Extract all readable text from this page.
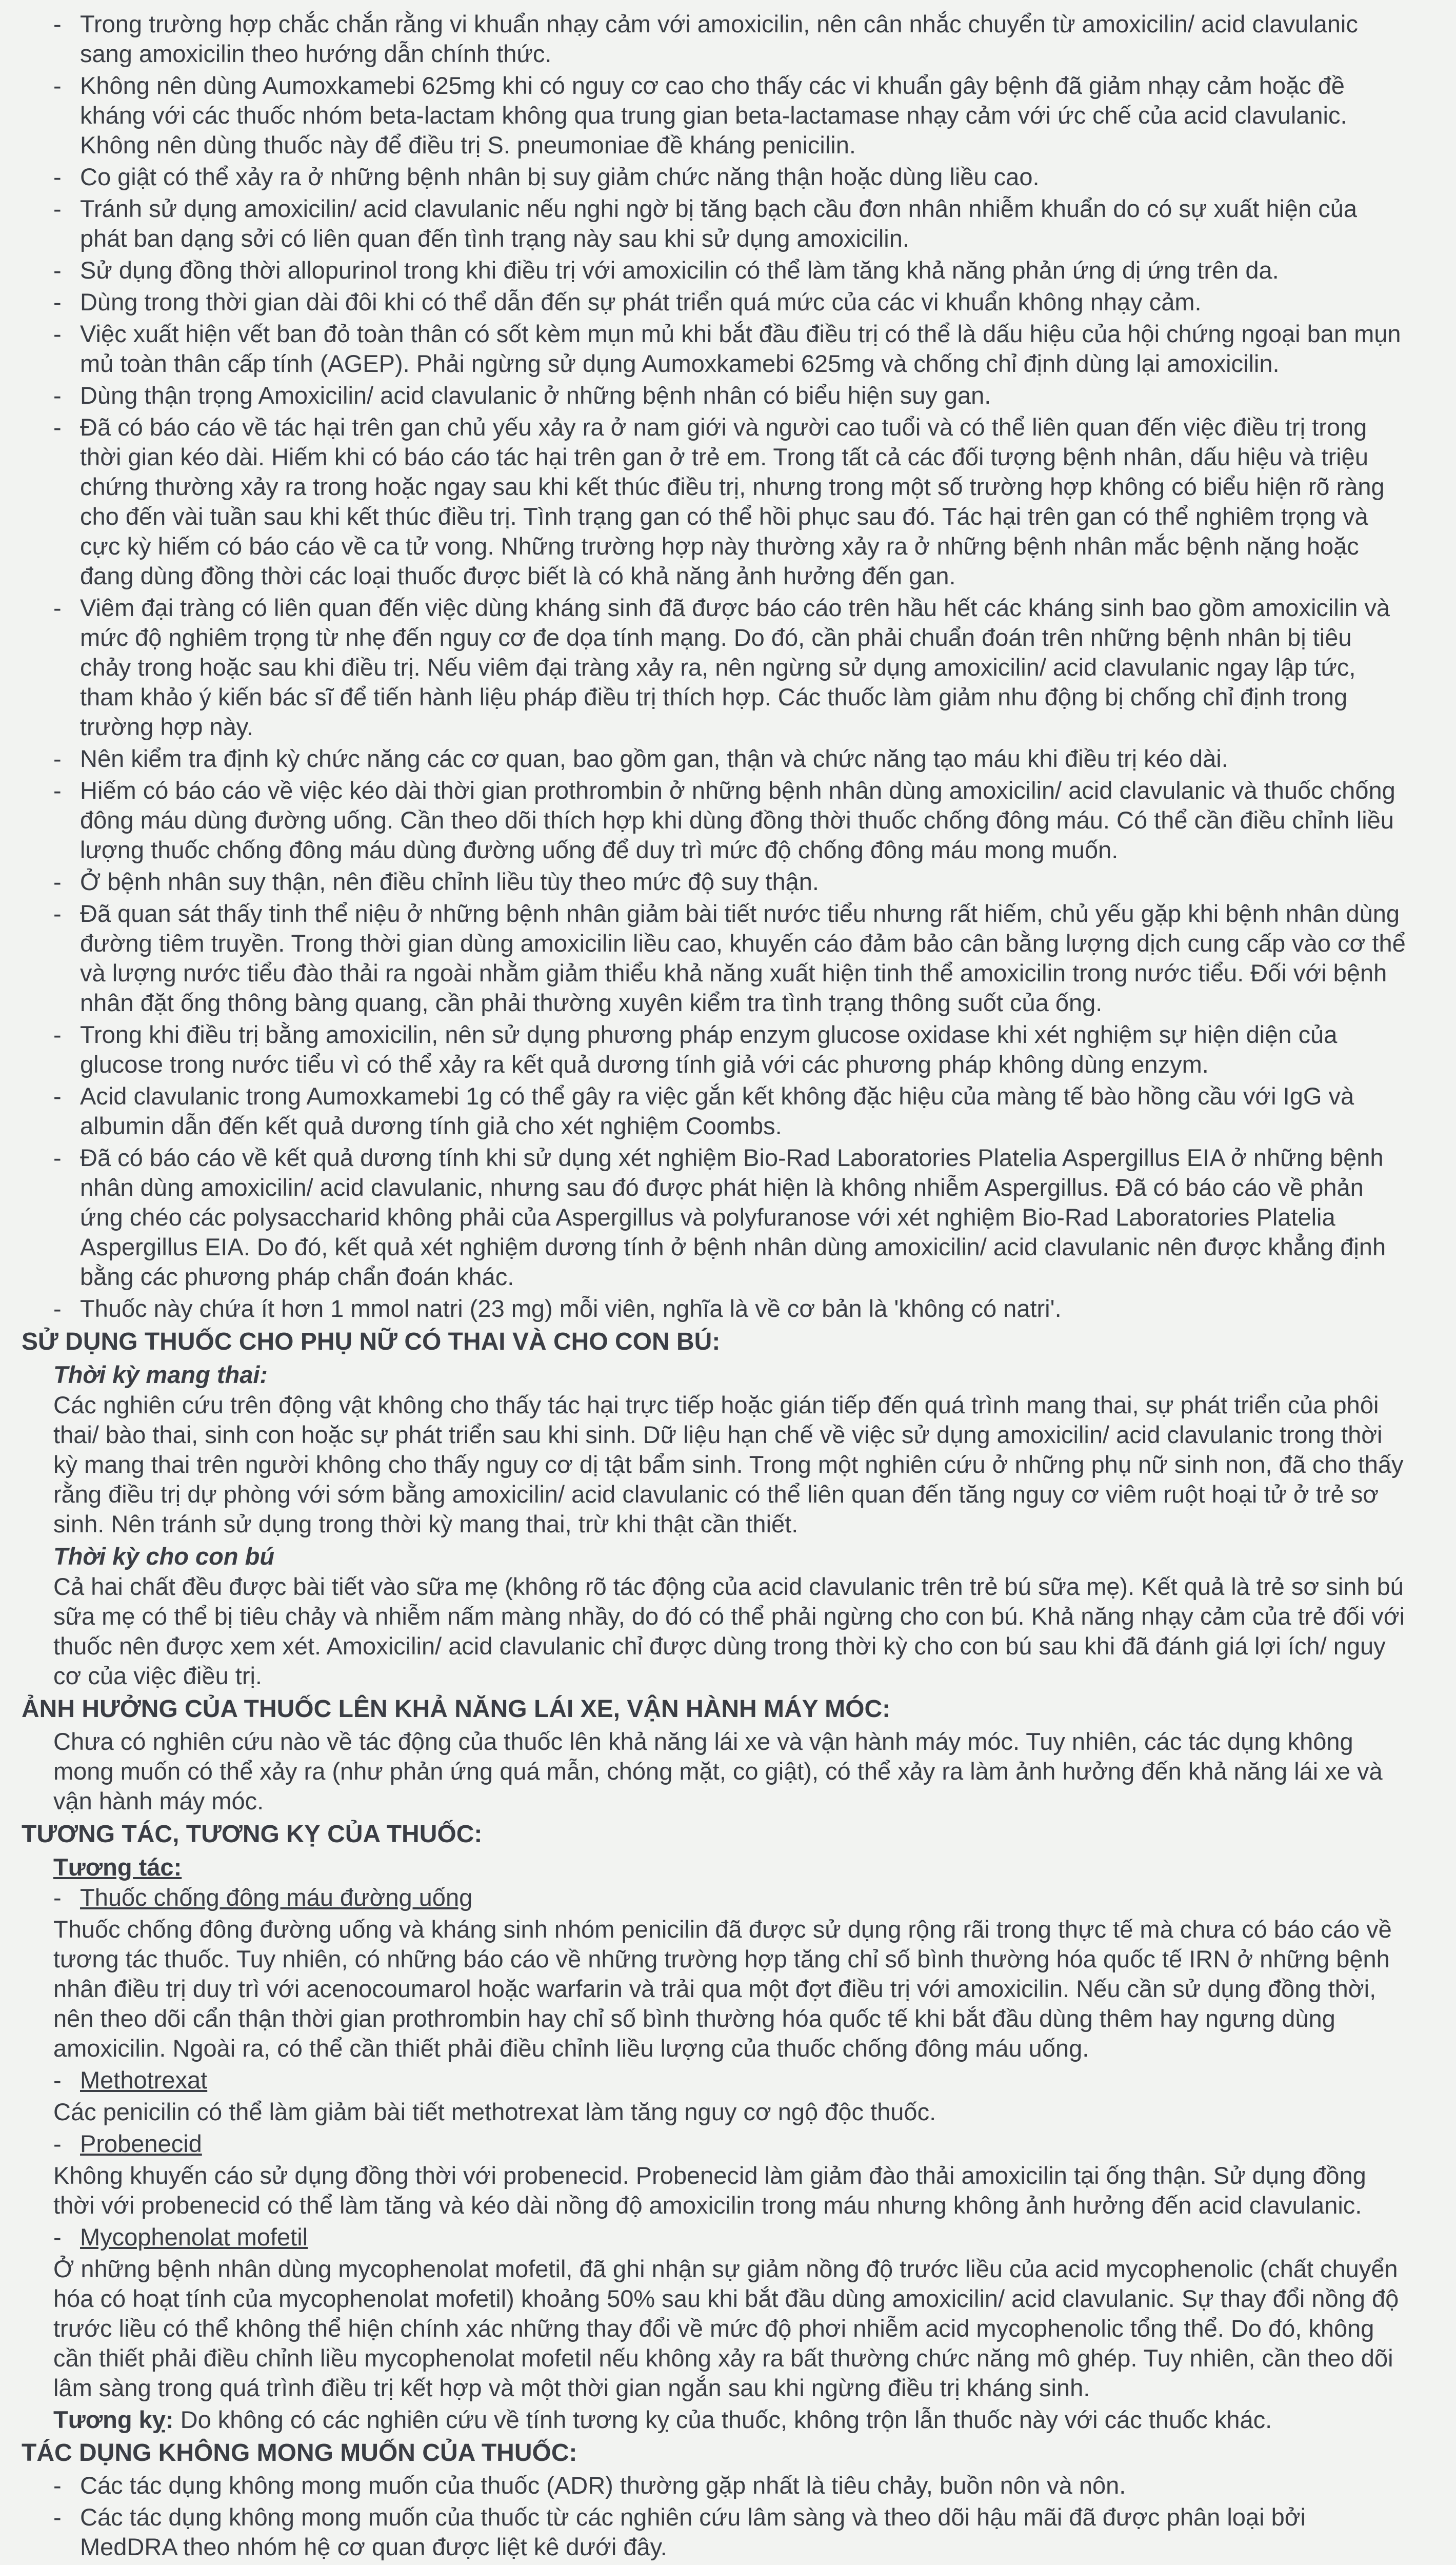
- Trong trường hợp chắc chắn rằng vi khuẩn nhạy cảm với amoxicilin, nên cân nhắc chuyển từ amoxicilin/ acid clavulanic sang amoxicilin theo hướng dẫn chính thức.
- Không nên dùng Aumoxkamebi 625mg khi có nguy cơ cao cho thấy các vi khuẩn gây bệnh đã giảm nhạy cảm hoặc đề kháng với các thuốc nhóm beta-lactam không qua trung gian beta-lactamase nhạy cảm với ức chế của acid clavulanic. Không nên dùng thuốc này để điều trị S. pneumoniae đề kháng penicilin.
- Co giật có thể xảy ra ở những bệnh nhân bị suy giảm chức năng thận hoặc dùng liều cao.
- Tránh sử dụng amoxicilin/ acid clavulanic nếu nghi ngờ bị tăng bạch cầu đơn nhân nhiễm khuẩn do có sự xuất hiện của phát ban dạng sởi có liên quan đến tình trạng này sau khi sử dụng amoxicilin.
- Sử dụng đồng thời allopurinol trong khi điều trị với amoxicilin có thể làm tăng khả năng phản ứng dị ứng trên da.
- Dùng trong thời gian dài đôi khi có thể dẫn đến sự phát triển quá mức của các vi khuẩn không nhạy cảm.
- Việc xuất hiện vết ban đỏ toàn thân có sốt kèm mụn mủ khi bắt đầu điều trị có thể là dấu hiệu của hội chứng ngoại ban mụn mủ toàn thân cấp tính (AGEP). Phải ngừng sử dụng Aumoxkamebi 625mg và chống chỉ định dùng lại amoxicilin.
- Dùng thận trọng Amoxicilin/ acid clavulanic ở những bệnh nhân có biểu hiện suy gan.
- Đã có báo cáo về tác hại trên gan chủ yếu xảy ra ở nam giới và người cao tuổi và có thể liên quan đến việc điều trị trong thời gian kéo dài. Hiếm khi có báo cáo tác hại trên gan ở trẻ em. Trong tất cả các đối tượng bệnh nhân, dấu hiệu và triệu chứng thường xảy ra trong hoặc ngay sau khi kết thúc điều trị, nhưng trong một số trường hợp không có biểu hiện rõ ràng cho đến vài tuần sau khi kết thúc điều trị. Tình trạng gan có thể hồi phục sau đó. Tác hại trên gan có thể nghiêm trọng và cực kỳ hiếm có báo cáo về ca tử vong. Những trường hợp này thường xảy ra ở những bệnh nhân mắc bệnh nặng hoặc đang dùng đồng thời các loại thuốc được biết là có khả năng ảnh hưởng đến gan.
- Viêm đại tràng có liên quan đến việc dùng kháng sinh đã được báo cáo trên hầu hết các kháng sinh bao gồm amoxicilin và mức độ nghiêm trọng từ nhẹ đến nguy cơ đe dọa tính mạng. Do đó, cần phải chuẩn đoán trên những bệnh nhân bị tiêu chảy trong hoặc sau khi điều trị. Nếu viêm đại tràng xảy ra, nên ngừng sử dụng amoxicilin/ acid clavulanic ngay lập tức, tham khảo ý kiến bác sĩ để tiến hành liệu pháp điều trị thích hợp. Các thuốc làm giảm nhu động bị chống chỉ định trong trường hợp này.
- Nên kiểm tra định kỳ chức năng các cơ quan, bao gồm gan, thận và chức năng tạo máu khi điều trị kéo dài.
- Hiếm có báo cáo về việc kéo dài thời gian prothrombin ở những bệnh nhân dùng amoxicilin/ acid clavulanic và thuốc chống đông máu dùng đường uống. Cần theo dõi thích hợp khi dùng đồng thời thuốc chống đông máu. Có thể cần điều chỉnh liều lượng thuốc chống đông máu dùng đường uống để duy trì mức độ chống đông máu mong muốn.
- Ở bệnh nhân suy thận, nên điều chỉnh liều tùy theo mức độ suy thận.
- Đã quan sát thấy tinh thể niệu ở những bệnh nhân giảm bài tiết nước tiểu nhưng rất hiếm, chủ yếu gặp khi bệnh nhân dùng đường tiêm truyền. Trong thời gian dùng amoxicilin liều cao, khuyến cáo đảm bảo cân bằng lượng dịch cung cấp vào cơ thể và lượng nước tiểu đào thải ra ngoài nhằm giảm thiểu khả năng xuất hiện tinh thể amoxicilin trong nước tiểu. Đối với bệnh nhân đặt ống thông bàng quang, cần phải thường xuyên kiểm tra tình trạng thông suốt của ống.
- Trong khi điều trị bằng amoxicilin, nên sử dụng phương pháp enzym glucose oxidase khi xét nghiệm sự hiện diện của glucose trong nước tiểu vì có thể xảy ra kết quả dương tính giả với các phương pháp không dùng enzym.
- Acid clavulanic trong Aumoxkamebi 1g có thể gây ra việc gắn kết không đặc hiệu của màng tế bào hồng cầu với IgG và albumin dẫn đến kết quả dương tính giả cho xét nghiệm Coombs.
- Đã có báo cáo về kết quả dương tính khi sử dụng xét nghiệm Bio-Rad Laboratories Platelia Aspergillus EIA ở những bệnh nhân dùng amoxicilin/ acid clavulanic, nhưng sau đó được phát hiện là không nhiễm Aspergillus. Đã có báo cáo về phản ứng chéo các polysaccharid không phải của Aspergillus và polyfuranose với xét nghiệm Bio-Rad Laboratories Platelia Aspergillus EIA. Do đó, kết quả xét nghiệm dương tính ở bệnh nhân dùng amoxicilin/ acid clavulanic nên được khẳng định bằng các phương pháp chẩn đoán khác.
- Thuốc này chứa ít hơn 1 mmol natri (23 mg) mỗi viên, nghĩa là về cơ bản là 'không có natri'.
SỬ DỤNG THUỐC CHO PHỤ NỮ CÓ THAI VÀ CHO CON BÚ:
Thời kỳ mang thai:
Các nghiên cứu trên động vật không cho thấy tác hại trực tiếp hoặc gián tiếp đến quá trình mang thai, sự phát triển của phôi thai/ bào thai, sinh con hoặc sự phát triển sau khi sinh. Dữ liệu hạn chế về việc sử dụng amoxicilin/ acid clavulanic trong thời kỳ mang thai trên người không cho thấy nguy cơ dị tật bẩm sinh. Trong một nghiên cứu ở những phụ nữ sinh non, đã cho thấy rằng điều trị dự phòng với sớm bằng amoxicilin/ acid clavulanic có thể liên quan đến tăng nguy cơ viêm ruột hoại tử ở trẻ sơ sinh. Nên tránh sử dụng trong thời kỳ mang thai, trừ khi thật cần thiết.
Thời kỳ cho con bú
Cả hai chất đều được bài tiết vào sữa mẹ (không rõ tác động của acid clavulanic trên trẻ bú sữa mẹ). Kết quả là trẻ sơ sinh bú sữa mẹ có thể bị tiêu chảy và nhiễm nấm màng nhầy, do đó có thể phải ngừng cho con bú. Khả năng nhạy cảm của trẻ đối với thuốc nên được xem xét. Amoxicilin/ acid clavulanic chỉ được dùng trong thời kỳ cho con bú sau khi đã đánh giá lợi ích/ nguy cơ của việc điều trị.
ẢNH HƯỞNG CỦA THUỐC LÊN KHẢ NĂNG LÁI XE, VẬN HÀNH MÁY MÓC:
Chưa có nghiên cứu nào về tác động của thuốc lên khả năng lái xe và vận hành máy móc. Tuy nhiên, các tác dụng không mong muốn có thể xảy ra (như phản ứng quá mẫn, chóng mặt, co giật), có thể xảy ra làm ảnh hưởng đến khả năng lái xe và vận hành máy móc.
TƯƠNG TÁC, TƯƠNG KỴ CỦA THUỐC:
Tương tác:
- Thuốc chống đông máu đường uống
Thuốc chống đông đường uống và kháng sinh nhóm penicilin đã được sử dụng rộng rãi trong thực tế mà chưa có báo cáo về tương tác thuốc. Tuy nhiên, có những báo cáo về những trường hợp tăng chỉ số bình thường hóa quốc tế IRN ở những bệnh nhân điều trị duy trì với acenocoumarol hoặc warfarin và trải qua một đợt điều trị với amoxicilin. Nếu cần sử dụng đồng thời, nên theo dõi cẩn thận thời gian prothrombin hay chỉ số bình thường hóa quốc tế khi bắt đầu dùng thêm hay ngưng dùng amoxicilin. Ngoài ra, có thể cần thiết phải điều chỉnh liều lượng của thuốc chống đông máu uống.
- Methotrexat
Các penicilin có thể làm giảm bài tiết methotrexat làm tăng nguy cơ ngộ độc thuốc.
- Probenecid
Không khuyến cáo sử dụng đồng thời với probenecid. Probenecid làm giảm đào thải amoxicilin tại ống thận. Sử dụng đồng thời với probenecid có thể làm tăng và kéo dài nồng độ amoxicilin trong máu nhưng không ảnh hưởng đến acid clavulanic.
- Mycophenolat mofetil
Ở những bệnh nhân dùng mycophenolat mofetil, đã ghi nhận sự giảm nồng độ trước liều của acid mycophenolic (chất chuyển hóa có hoạt tính của mycophenolat mofetil) khoảng 50% sau khi bắt đầu dùng amoxicilin/ acid clavulanic. Sự thay đổi nồng độ trước liều có thể không thể hiện chính xác những thay đổi về mức độ phơi nhiễm acid mycophenolic tổng thể. Do đó, không cần thiết phải điều chỉnh liều mycophenolat mofetil nếu không xảy ra bất thường chức năng mô ghép. Tuy nhiên, cần theo dõi lâm sàng trong quá trình điều trị kết hợp và một thời gian ngắn sau khi ngừng điều trị kháng sinh.
Tương kỵ: Do không có các nghiên cứu về tính tương kỵ của thuốc, không trộn lẫn thuốc này với các thuốc khác.
TÁC DỤNG KHÔNG MONG MUỐN CỦA THUỐC:
- Các tác dụng không mong muốn của thuốc (ADR) thường gặp nhất là tiêu chảy, buồn nôn và nôn.
- Các tác dụng không mong muốn của thuốc từ các nghiên cứu lâm sàng và theo dõi hậu mãi đã được phân loại bởi MedDRA theo nhóm hệ cơ quan được liệt kê dưới đây.
